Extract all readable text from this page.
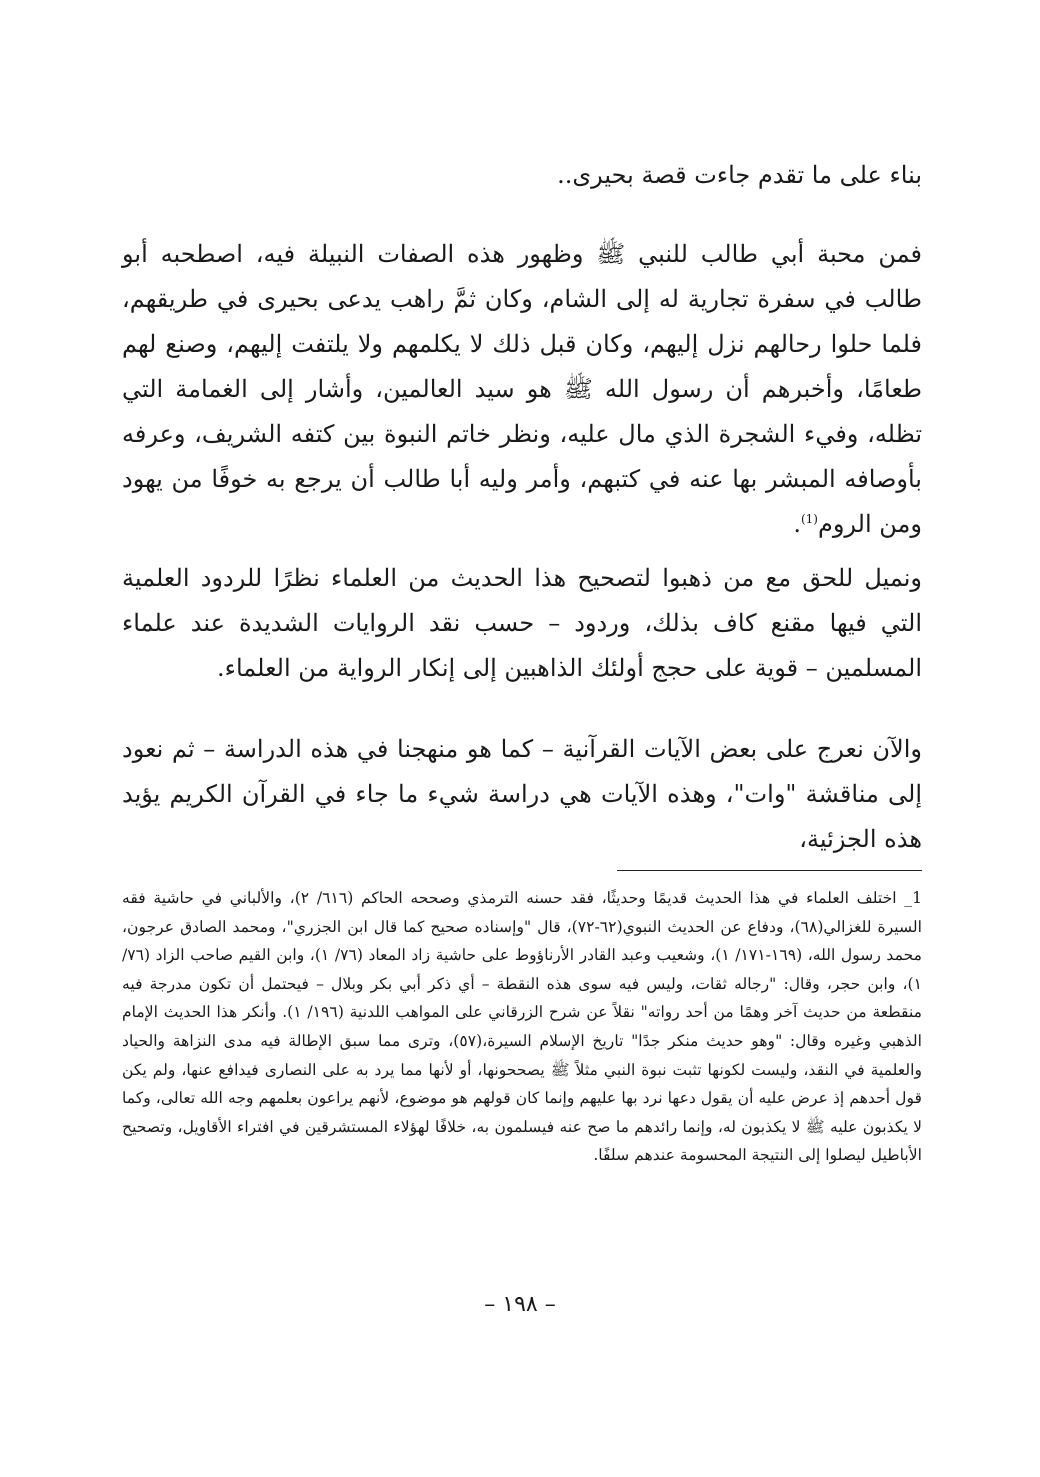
بناء على ما تقدم جاءت قصة بحيرى..

فمن محبة أبي طالب للنبي ﷺ وظهور هذه الصفات النبيلة فيه، اصطحبه أبو طالب في سفرة تجارية له إلى الشام، وكان ثمَّ راهب يدعى بحيرى في طريقهم، فلما حلوا رحالهم نزل إليهم، وكان قبل ذلك لا يكلمهم ولا يلتفت إليهم، وصنع لهم طعامًا، وأخبرهم أن رسول الله ﷺ هو سيد العالمين، وأشار إلى الغمامة التي تظله، وفيء الشجرة الذي مال عليه، ونظر خاتم النبوة بين كتفه الشريف، وعرفه بأوصافه المبشر بها عنه في كتبهم، وأمر وليه أبا طالب أن يرجع به خوفًا من يهود ومن الروم$^{(1)}$.

ونميل للحق مع من ذهبوا لتصحيح هذا الحديث من العلماء نظرًا للردود العلمية التي فيها مقنع كاف بذلك، وردود – حسب نقد الروايات الشديدة عند علماء المسلمين – قوية على حجج أولئك الذاهبين إلى إنكار الرواية من العلماء.

والآن نعرج على بعض الآيات القرآنية – كما هو منهجنا في هذه الدراسة – ثم نعود إلى مناقشة "وات"، وهذه الآيات هي دراسة شيء ما جاء في القرآن الكريم يؤيد هذه الجزئية،

1_ اختلف العلماء في هذا الحديث قديمًا وحديثًا، فقد حسنه الترمذي وصححه الحاكم (٦١٦/ ٢)، والألباني في حاشية فقه السيرة للغزالي(٦٨)، ودفاع عن الحديث النبوي(٦٢-٧٢)، قال "وإسناده صحيح كما قال ابن الجزري"، ومحمد الصادق عرجون، محمد رسول الله، (١٦٩-١٧١/ ١)، وشعيب وعبد القادر الأرناؤوط على حاشية زاد المعاد (٧٦/ ١)، وابن القيم صاحب الزاد (٧٦/ ١)، وابن حجر، وقال: "رجاله ثقات، وليس فيه سوى هذه النقطة – أي ذكر أبي بكر وبلال – فيحتمل أن تكون مدرجة فيه منقطعة من حديث آخر وهمًا من أحد رواته" نقلاً عن شرح الزرقاني على المواهب اللدنية (١٩٦/ ١). وأنكر هذا الحديث الإمام الذهبي وغيره وقال: "وهو حديث منكر جدًا" تاريخ الإسلام السيرة،(٥٧)، وترى مما سبق الإطالة فيه مدى النزاهة والحياد والعلمية في النقد، وليست لكونها تثبت نبوة النبي مثلاً ﷺ يصححونها، أو لأنها مما يرد به على النصارى فيدافع عنها، ولم يكن قول أحدهم إذ عرض عليه أن يقول دعها نرد بها عليهم وإنما كان قولهم هو موضوع، لأنهم يراعون بعلمهم وجه الله تعالى، وكما لا يكذبون عليه ﷺ لا يكذبون له، وإنما رائدهم ما صح عنه فيسلمون به، خلافًا لهؤلاء المستشرقين في افتراء الأقاويل، وتصحيح الأباطيل ليصلوا إلى النتيجة المحسومة عندهم سلفًا.

– ١٩٨ –
